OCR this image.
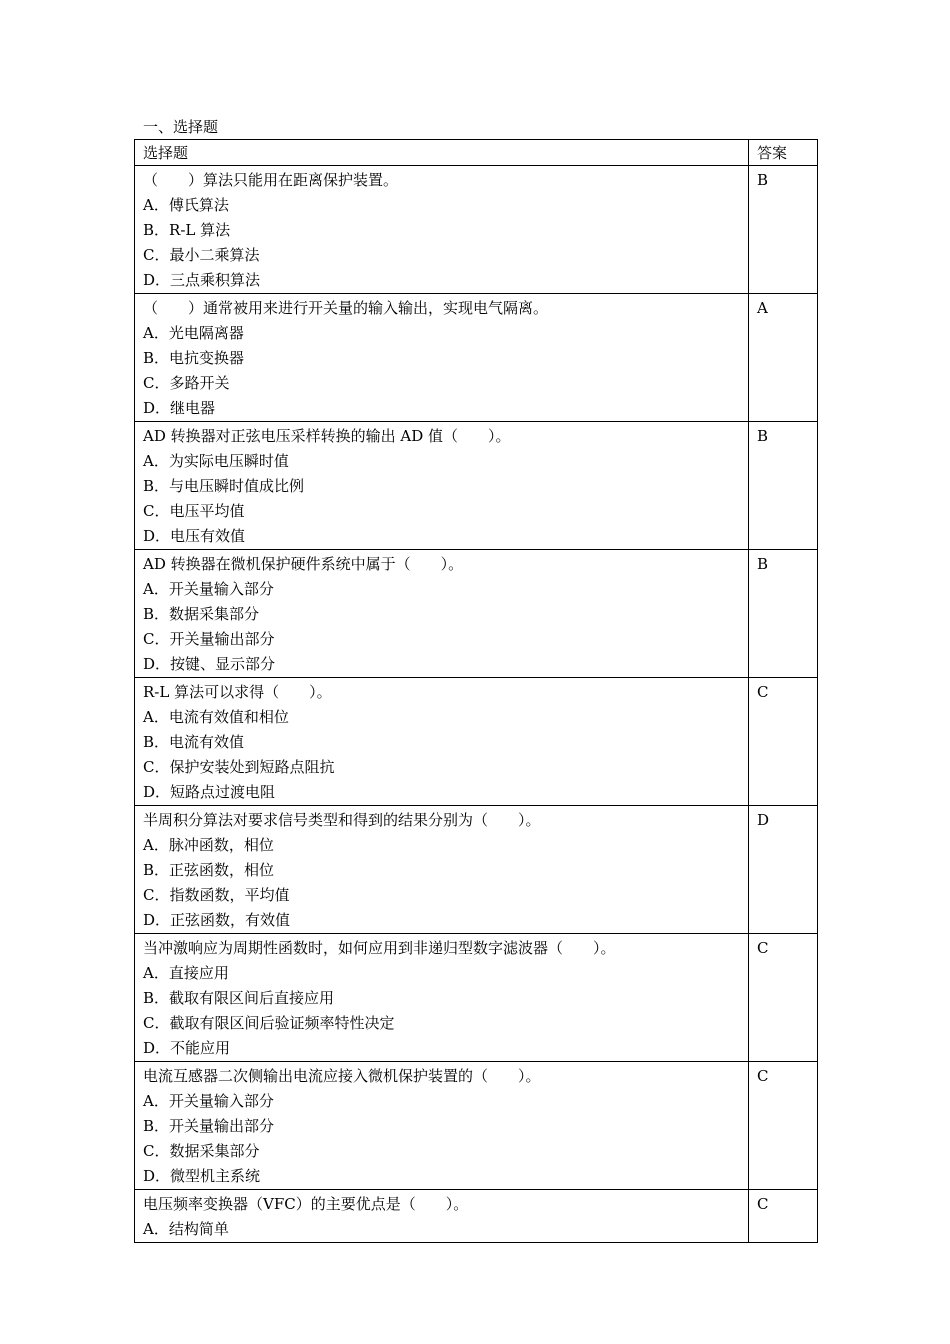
一、选择题
选择题	答案

（　　）算法只能用在距离保护装置。
A．傅氏算法
B．R-L 算法
C．最小二乘算法
D．三点乘积算法	B

（　　）通常被用来进行开关量的输入输出，实现电气隔离。
A．光电隔离器
B．电抗变换器
C．多路开关
D．继电器	A

AD 转换器对正弦电压采样转换的输出 AD 值（　　）。
A．为实际电压瞬时值
B．与电压瞬时值成比例
C．电压平均值
D．电压有效值	B

AD 转换器在微机保护硬件系统中属于（　　）。
A．开关量输入部分
B．数据采集部分
C．开关量输出部分
D．按键、显示部分	B

R-L 算法可以求得（　　）。
A．电流有效值和相位
B．电流有效值
C．保护安装处到短路点阻抗
D．短路点过渡电阻	C

半周积分算法对要求信号类型和得到的结果分别为（　　）。
A．脉冲函数，相位
B．正弦函数，相位
C．指数函数，平均值
D．正弦函数，有效值	D

当冲激响应为周期性函数时，如何应用到非递归型数字滤波器（　　）。
A．直接应用
B．截取有限区间后直接应用
C．截取有限区间后验证频率特性决定
D．不能应用	C

电流互感器二次侧输出电流应接入微机保护装置的（　　）。
A．开关量输入部分
B．开关量输出部分
C．数据采集部分
D．微型机主系统	C

电压频率变换器（VFC）的主要优点是（　　）。
A．结构简单	C
